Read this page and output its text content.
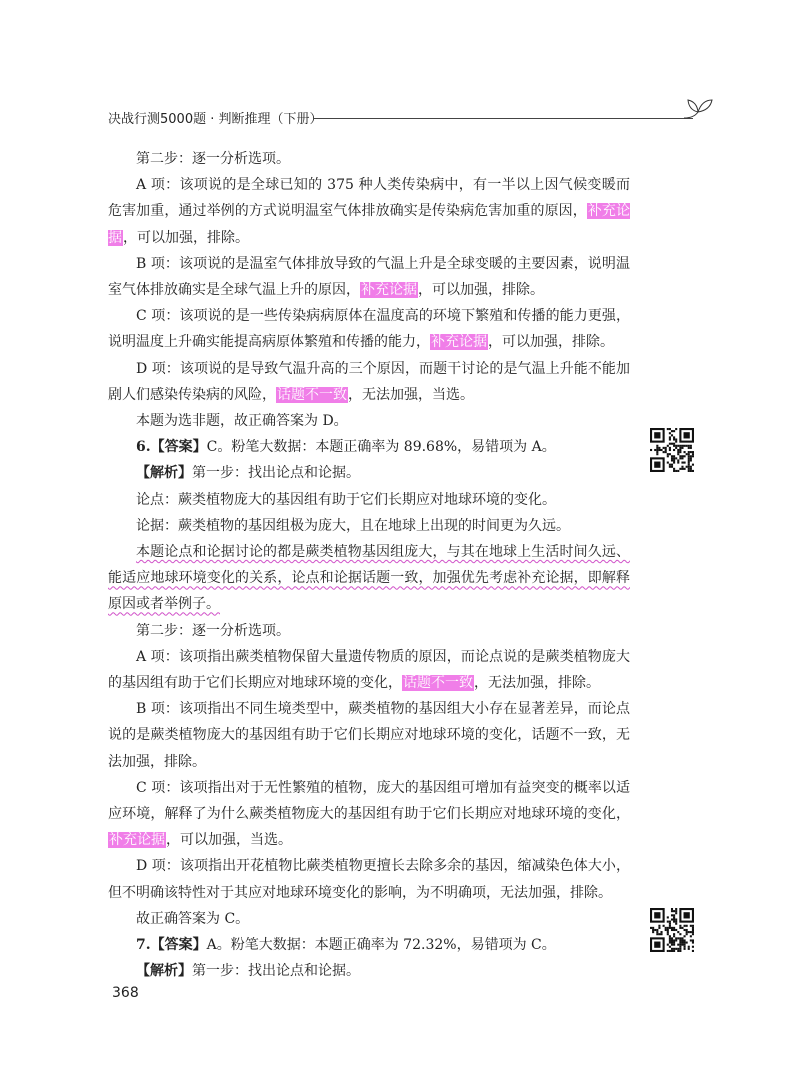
决战行测5000题 · 判断推理（下册）

第二步：逐一分析选项。

A 项：该项说的是全球已知的 375 种人类传染病中，有一半以上因气候变暖而危害加重，通过举例的方式说明温室气体排放确实是传染病危害加重的原因，补充论据，可以加强，排除。

B 项：该项说的是温室气体排放导致的气温上升是全球变暖的主要因素，说明温室气体排放确实是全球气温上升的原因，补充论据，可以加强，排除。

C 项：该项说的是一些传染病病原体在温度高的环境下繁殖和传播的能力更强，说明温度上升确实能提高病原体繁殖和传播的能力，补充论据，可以加强，排除。

D 项：该项说的是导致气温升高的三个原因，而题干讨论的是气温上升能不能加剧人们感染传染病的风险，话题不一致，无法加强，当选。

本题为选非题，故正确答案为 D。

6.【答案】C。粉笔大数据：本题正确率为 89.68%，易错项为 A。

【解析】第一步：找出论点和论据。

论点：蕨类植物庞大的基因组有助于它们长期应对地球环境的变化。

论据：蕨类植物的基因组极为庞大，且在地球上出现的时间更为久远。

本题论点和论据讨论的都是蕨类植物基因组庞大，与其在地球上生活时间久远、能适应地球环境变化的关系，论点和论据话题一致，加强优先考虑补充论据，即解释原因或者举例子。

第二步：逐一分析选项。

A 项：该项指出蕨类植物保留大量遗传物质的原因，而论点说的是蕨类植物庞大的基因组有助于它们长期应对地球环境的变化，话题不一致，无法加强，排除。

B 项：该项指出不同生境类型中，蕨类植物的基因组大小存在显著差异，而论点说的是蕨类植物庞大的基因组有助于它们长期应对地球环境的变化，话题不一致，无法加强，排除。

C 项：该项指出对于无性繁殖的植物，庞大的基因组可增加有益突变的概率以适应环境，解释了为什么蕨类植物庞大的基因组有助于它们长期应对地球环境的变化，补充论据，可以加强，当选。

D 项：该项指出开花植物比蕨类植物更擅长去除多余的基因，缩减染色体大小，但不明确该特性对于其应对地球环境变化的影响，为不明确项，无法加强，排除。

故正确答案为 C。

7.【答案】A。粉笔大数据：本题正确率为 72.32%，易错项为 C。

【解析】第一步：找出论点和论据。

368
